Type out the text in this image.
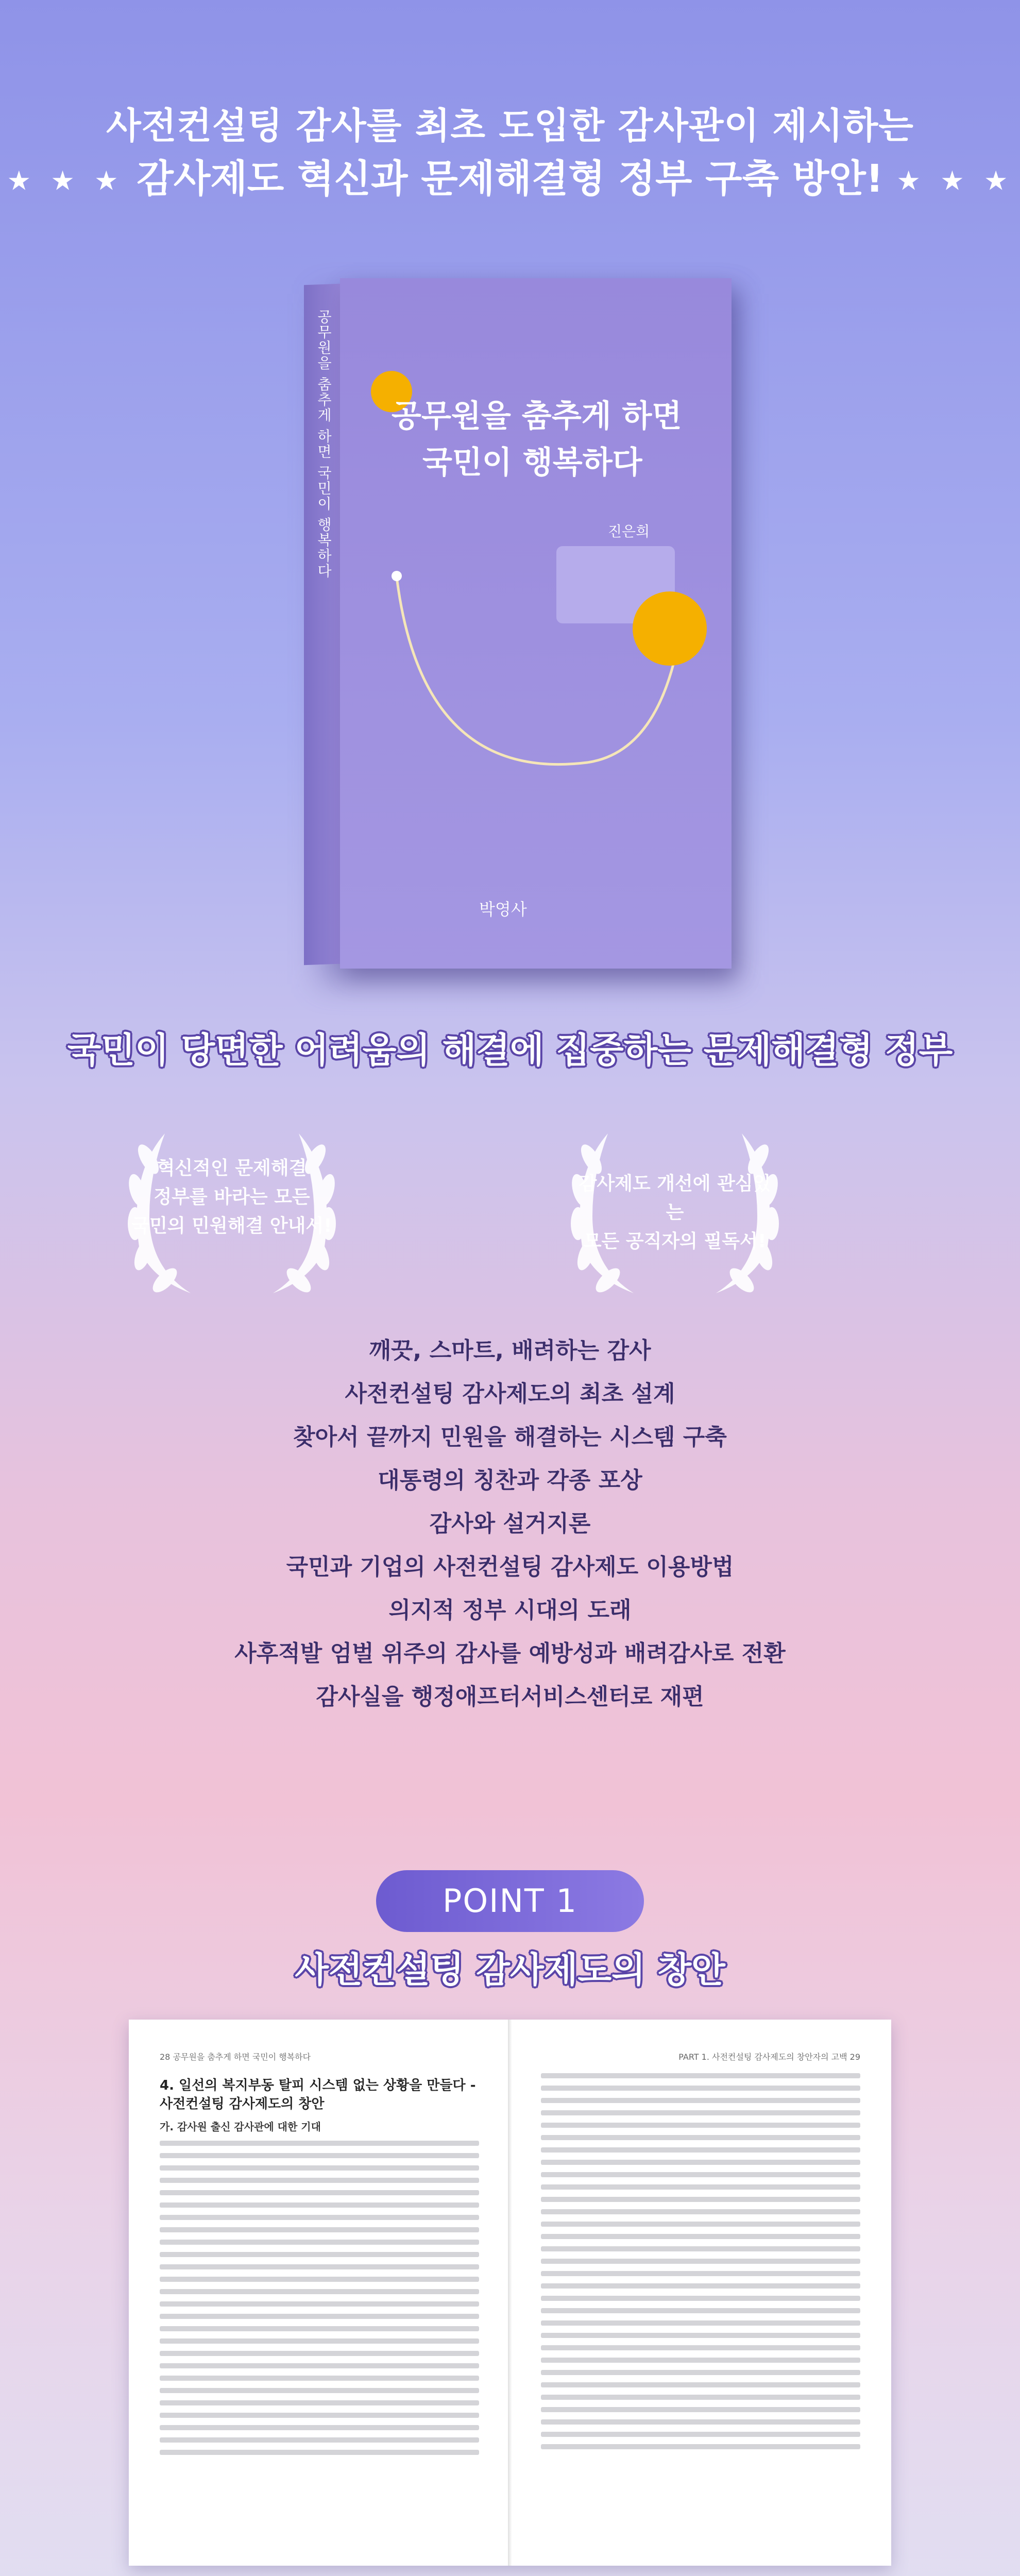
사전컨설팅 감사를 최초 도입한 감사관이 제시하는
★ ★ ★ 감사제도 혁신과 문제해결형 정부 구축 방안! ★ ★ ★
공무원을 춤추게 하면 국민이 행복하다 공무원을 춤추게 하면
국민이 행복하다
진은희
박영사
국민이 당면한 어려움의 해결에 집중하는 문제해결형 정부
혁신적인 문제해결
정부를 바라는 모든
국민의 민원해결 안내서!
감사제도 개선에 관심있는
모든 공직자의 필독서!
깨끗, 스마트, 배려하는 감사
사전컨설팅 감사제도의 최초 설계
찾아서 끝까지 민원을 해결하는 시스템 구축
대통령의 칭찬과 각종 포상
감사와 설거지론
국민과 기업의 사전컨설팅 감사제도 이용방법
의지적 정부 시대의 도래
사후적발 엄벌 위주의 감사를 예방성과 배려감사로 전환
감사실을 행정애프터서비스센터로 재편
POINT 1
사전컨설팅 감사제도의 창안
28 공무원을 춤추게 하면 국민이 행복하다
4. 일선의 복지부동 탈피 시스템 없는 상황을 만들다 - 사전컨설팅 감사제도의 창안
가. 감사원 출신 감사관에 대한 기대
PART 1. 사전컨설팅 감사제도의 창안자의 고백 29
